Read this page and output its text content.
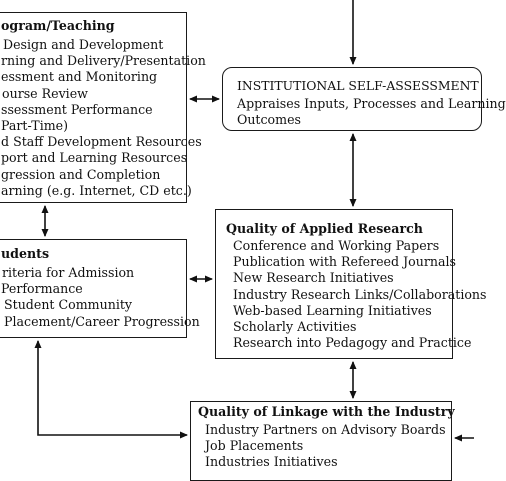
ogram/Teaching
Design and Development
rning and Delivery/Presentation
essment and Monitoring
ourse Review
ssessment Performance
Part-Time)
d Staff Development Resources
port and Learning Resources
gression and Completion
arning (e.g. Internet, CD etc.)
INSTITUTIONAL SELF-ASSESSMENT
Appraises Inputs, Processes and Learning
Outcomes
Quality of Applied Research
Conference and Working Papers
Publication with Refereed Journals
New Research Initiatives
Industry Research Links/Collaborations
Web-based Learning Initiatives
Scholarly Activities
Research into Pedagogy and Practice
udents
riteria for Admission
Performance
Student Community
Placement/Career Progression
Quality of Linkage with the Industry
Industry Partners on Advisory Boards
Job Placements
Industries Initiatives
